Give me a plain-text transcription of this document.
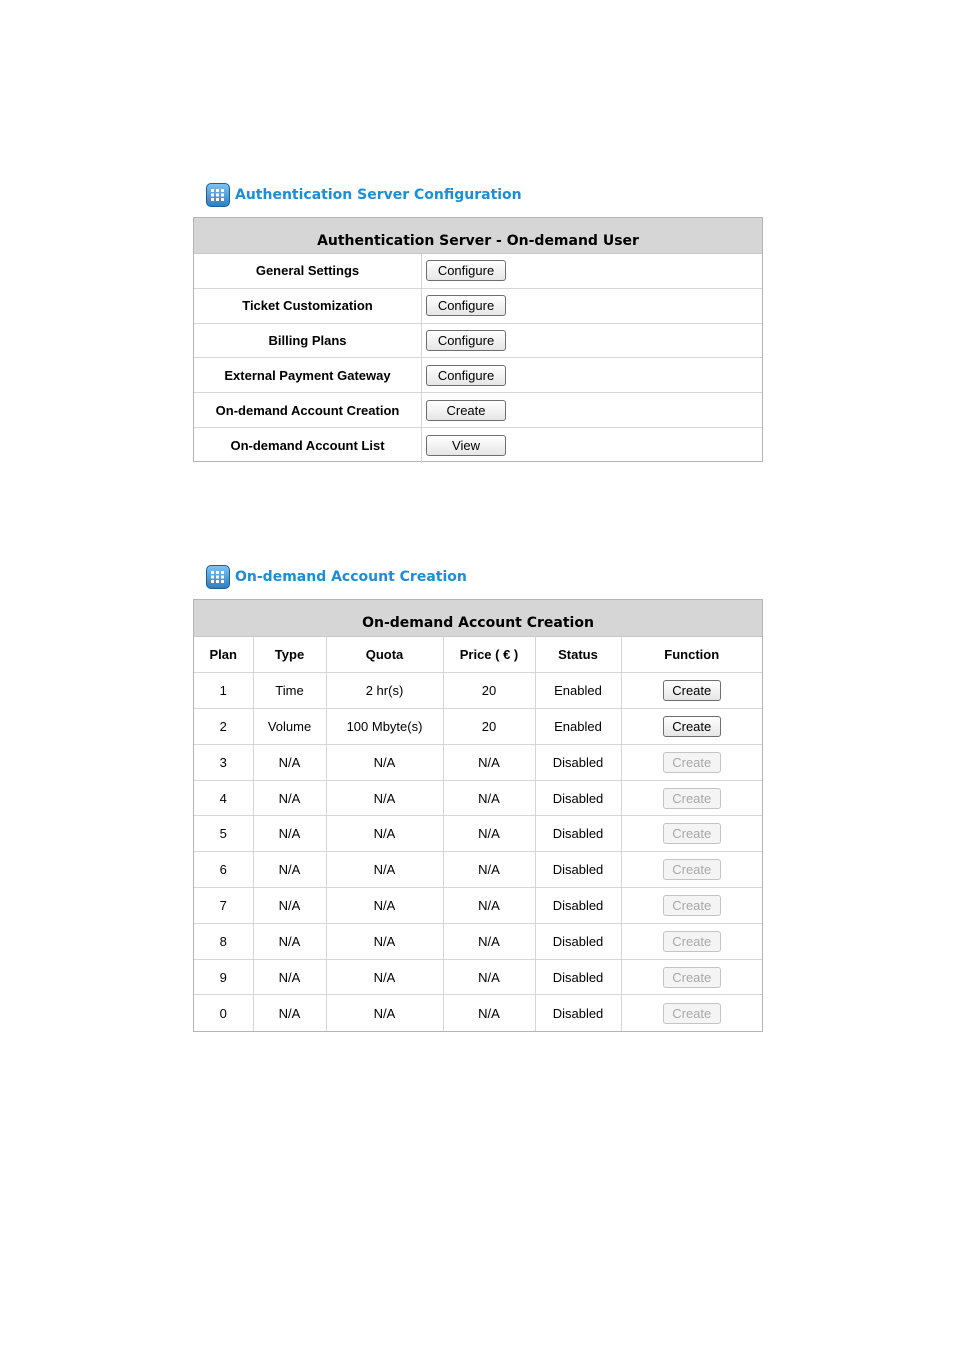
Authentication Server Configuration
Authentication Server - On-demand User
General Settings	Configure
Ticket Customization	Configure
Billing Plans	Configure
External Payment Gateway	Configure
On-demand Account Creation	Create
On-demand Account List	View
On-demand Account Creation
On-demand Account Creation
Plan	Type	Quota	Price ( € )	Status	Function
1	Time	2 hr(s)	20	Enabled	Create
2	Volume	100 Mbyte(s)	20	Enabled	Create
3	N/A	N/A	N/A	Disabled	Create
4	N/A	N/A	N/A	Disabled	Create
5	N/A	N/A	N/A	Disabled	Create
6	N/A	N/A	N/A	Disabled	Create
7	N/A	N/A	N/A	Disabled	Create
8	N/A	N/A	N/A	Disabled	Create
9	N/A	N/A	N/A	Disabled	Create
0	N/A	N/A	N/A	Disabled	Create
